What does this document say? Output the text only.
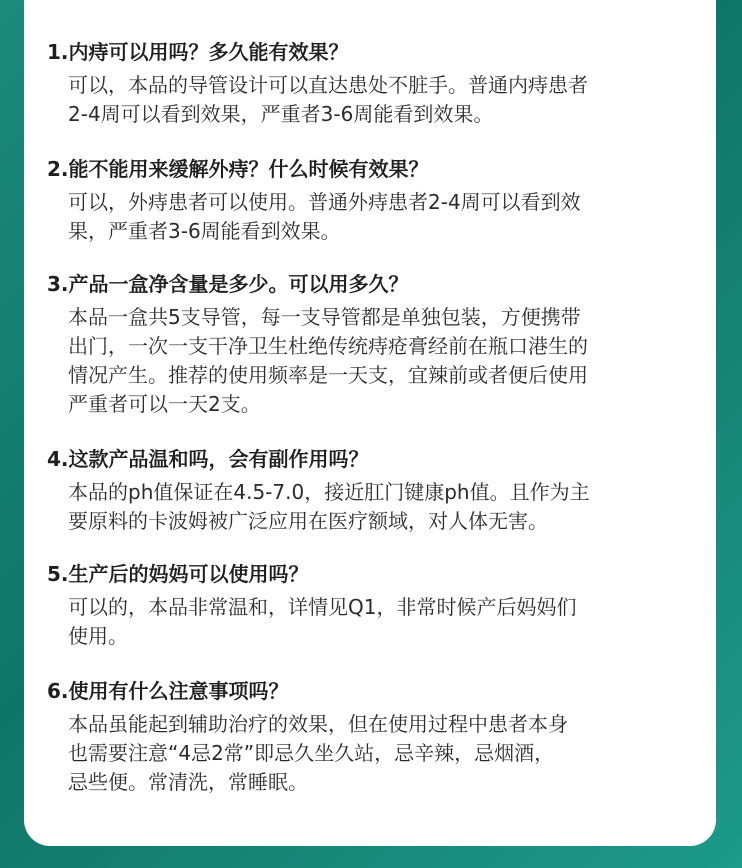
1.内痔可以用吗？多久能有效果？

可以，本品的导管设计可以直达患处不脏手。普通内痔患者
2-4周可以看到效果，严重者3-6周能看到效果。

2.能不能用来缓解外痔？什么时候有效果？

可以，外痔患者可以使用。普通外痔患者2-4周可以看到效
果，严重者3-6周能看到效果。

3.产品一盒净含量是多少。可以用多久？

本品一盒共5支导管，每一支导管都是单独包装，方便携带
出门，一次一支干净卫生杜绝传统痔疮膏经前在瓶口港生的
情况产生。推荐的使用频率是一天支，宜辣前或者便后使用
严重者可以一天2支。

4.这款产品温和吗，会有副作用吗？

本品的ph值保证在4.5-7.0，接近肛门键康ph值。且作为主
要原料的卡波姆被广泛应用在医疗额域，对人体无害。

5.生产后的妈妈可以使用吗？

可以的，本品非常温和，详情见Q1，非常时候产后妈妈们
使用。

6.使用有什么注意事项吗？

本品虽能起到辅助治疗的效果，但在使用过程中患者本身
也需要注意“4忌2常”即忌久坐久站，忌辛辣，忌烟酒，
忌些便。常清洗，常睡眠。
